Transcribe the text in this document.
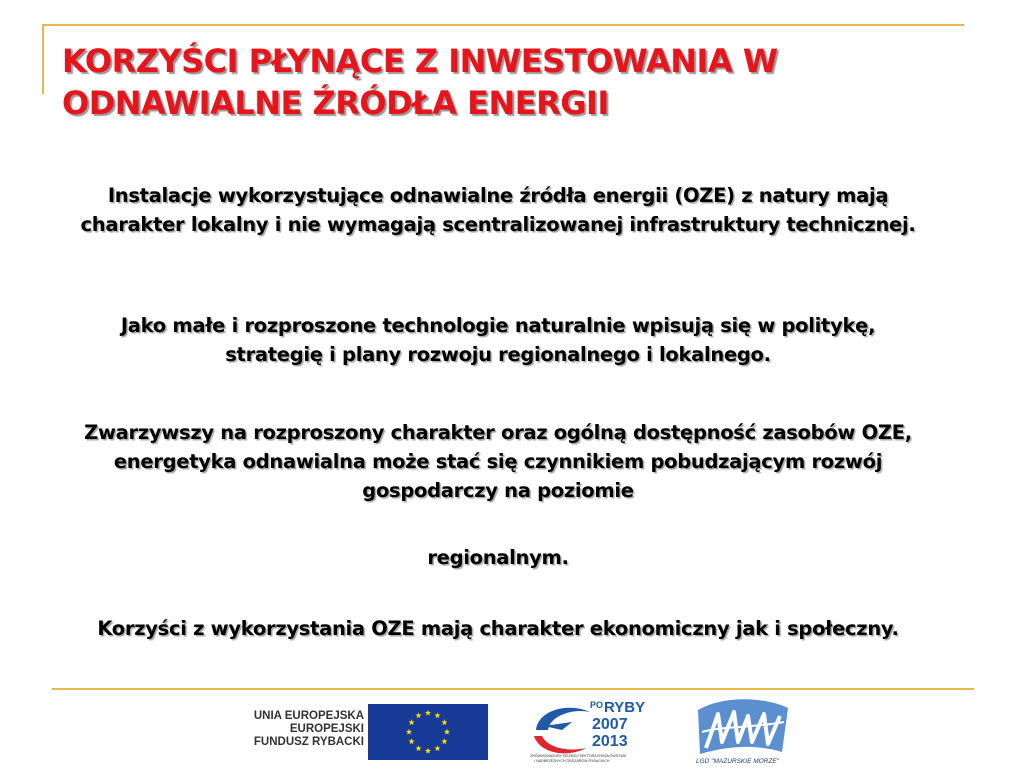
KORZYŚCI PŁYNĄCE Z INWESTOWANIA W
ODNAWIALNE ŹRÓDŁA ENERGII

Instalacje wykorzystujące odnawialne źródła energii (OZE) z natury mają charakter lokalny i nie wymagają scentralizowanej infrastruktury technicznej.

Jako małe i rozproszone technologie naturalnie wpisują się w politykę, strategię i plany rozwoju regionalnego i lokalnego.

Zwarzywszy na rozproszony charakter oraz ogólną dostępność zasobów OZE, energetyka odnawialna może stać się czynnikiem pobudzającym rozwój gospodarczy na poziomie

regionalnym.

Korzyści z wykorzystania OZE mają charakter ekonomiczny jak i społeczny.

UNIA EUROPEJSKA
EUROPEJSKI
FUNDUSZ RYBACKI
PO RYBY
2007
2013
ZRÓWNOWAŻONY ROZWÓJ SEKTORA RYBOŁÓWSTWA
I NADBRZEŻNYCH OBSZARÓW RYBACKICH	LGD "MAZURSKIE MORZE"
